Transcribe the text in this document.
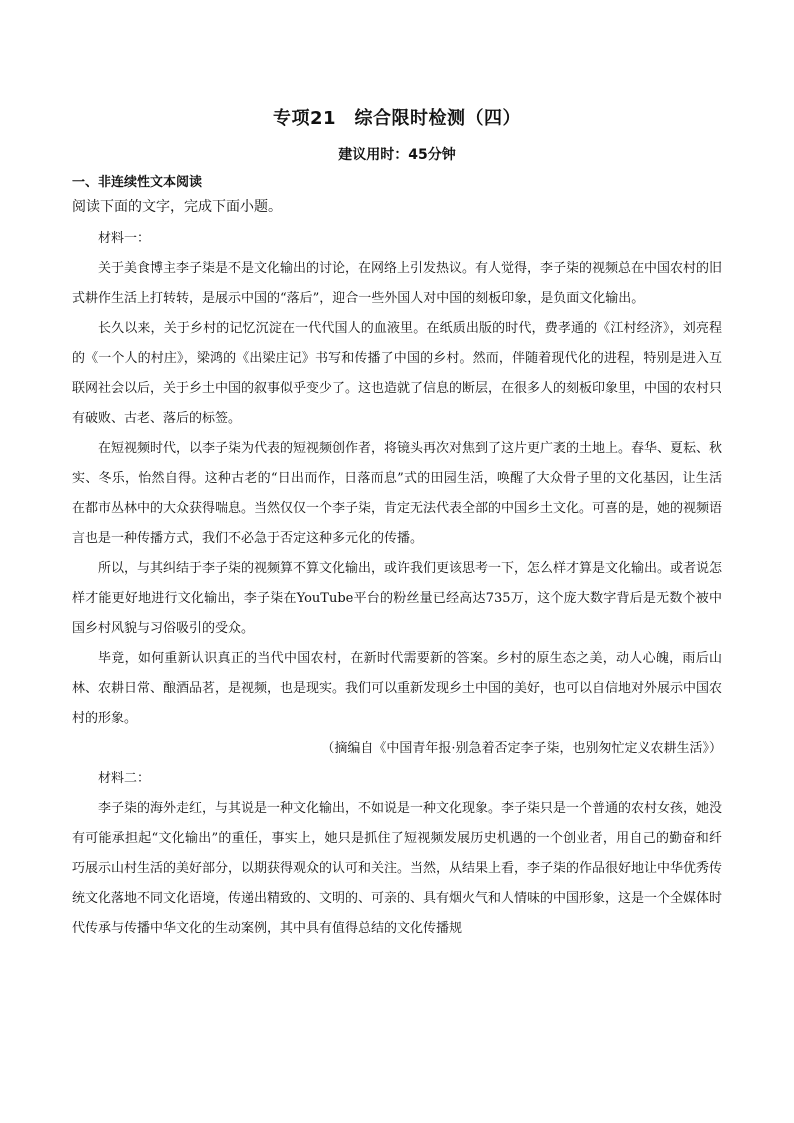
专项21　综合限时检测（四）
建议用时：45分钟
一、非连续性文本阅读
阅读下面的文字，完成下面小题。

材料一：

关于美食博主李子柒是不是文化输出的讨论，在网络上引发热议。有人觉得，李子柒的视频总在中国农村的旧式耕作生活上打转转，是展示中国的“落后”，迎合一些外国人对中国的刻板印象，是负面文化输出。

长久以来，关于乡村的记忆沉淀在一代代国人的血液里。在纸质出版的时代，费孝通的《江村经济》，刘亮程的《一个人的村庄》，梁鸿的《出梁庄记》书写和传播了中国的乡村。然而，伴随着现代化的进程，特别是进入互联网社会以后，关于乡土中国的叙事似乎变少了。这也造就了信息的断层，在很多人的刻板印象里，中国的农村只有破败、古老、落后的标签。

在短视频时代，以李子柒为代表的短视频创作者，将镜头再次对焦到了这片更广袤的土地上。春华、夏耘、秋实、冬乐，怡然自得。这种古老的“日出而作，日落而息”式的田园生活，唤醒了大众骨子里的文化基因，让生活在都市丛林中的大众获得喘息。当然仅仅一个李子柒，肯定无法代表全部的中国乡土文化。可喜的是，她的视频语言也是一种传播方式，我们不必急于否定这种多元化的传播。

所以，与其纠结于李子柒的视频算不算文化输出，或许我们更该思考一下，怎么样才算是文化输出。或者说怎样才能更好地进行文化输出，李子柒在YouTube平台的粉丝量已经高达735万，这个庞大数字背后是无数个被中国乡村风貌与习俗吸引的受众。

毕竟，如何重新认识真正的当代中国农村，在新时代需要新的答案。乡村的原生态之美，动人心魄，雨后山林、农耕日常、酿酒品茗，是视频，也是现实。我们可以重新发现乡土中国的美好，也可以自信地对外展示中国农村的形象。

（摘编自《中国青年报·别急着否定李子柒，也别匆忙定义农耕生活》）

材料二：

李子柒的海外走红，与其说是一种文化输出，不如说是一种文化现象。李子柒只是一个普通的农村女孩，她没有可能承担起“文化输出”的重任，事实上，她只是抓住了短视频发展历史机遇的一个创业者，用自己的勤奋和纤巧展示山村生活的美好部分，以期获得观众的认可和关注。当然，从结果上看，李子柒的作品很好地让中华优秀传统文化落地不同文化语境，传递出精致的、文明的、可亲的、具有烟火气和人情味的中国形象，这是一个全媒体时代传承与传播中华文化的生动案例，其中具有值得总结的文化传播规
